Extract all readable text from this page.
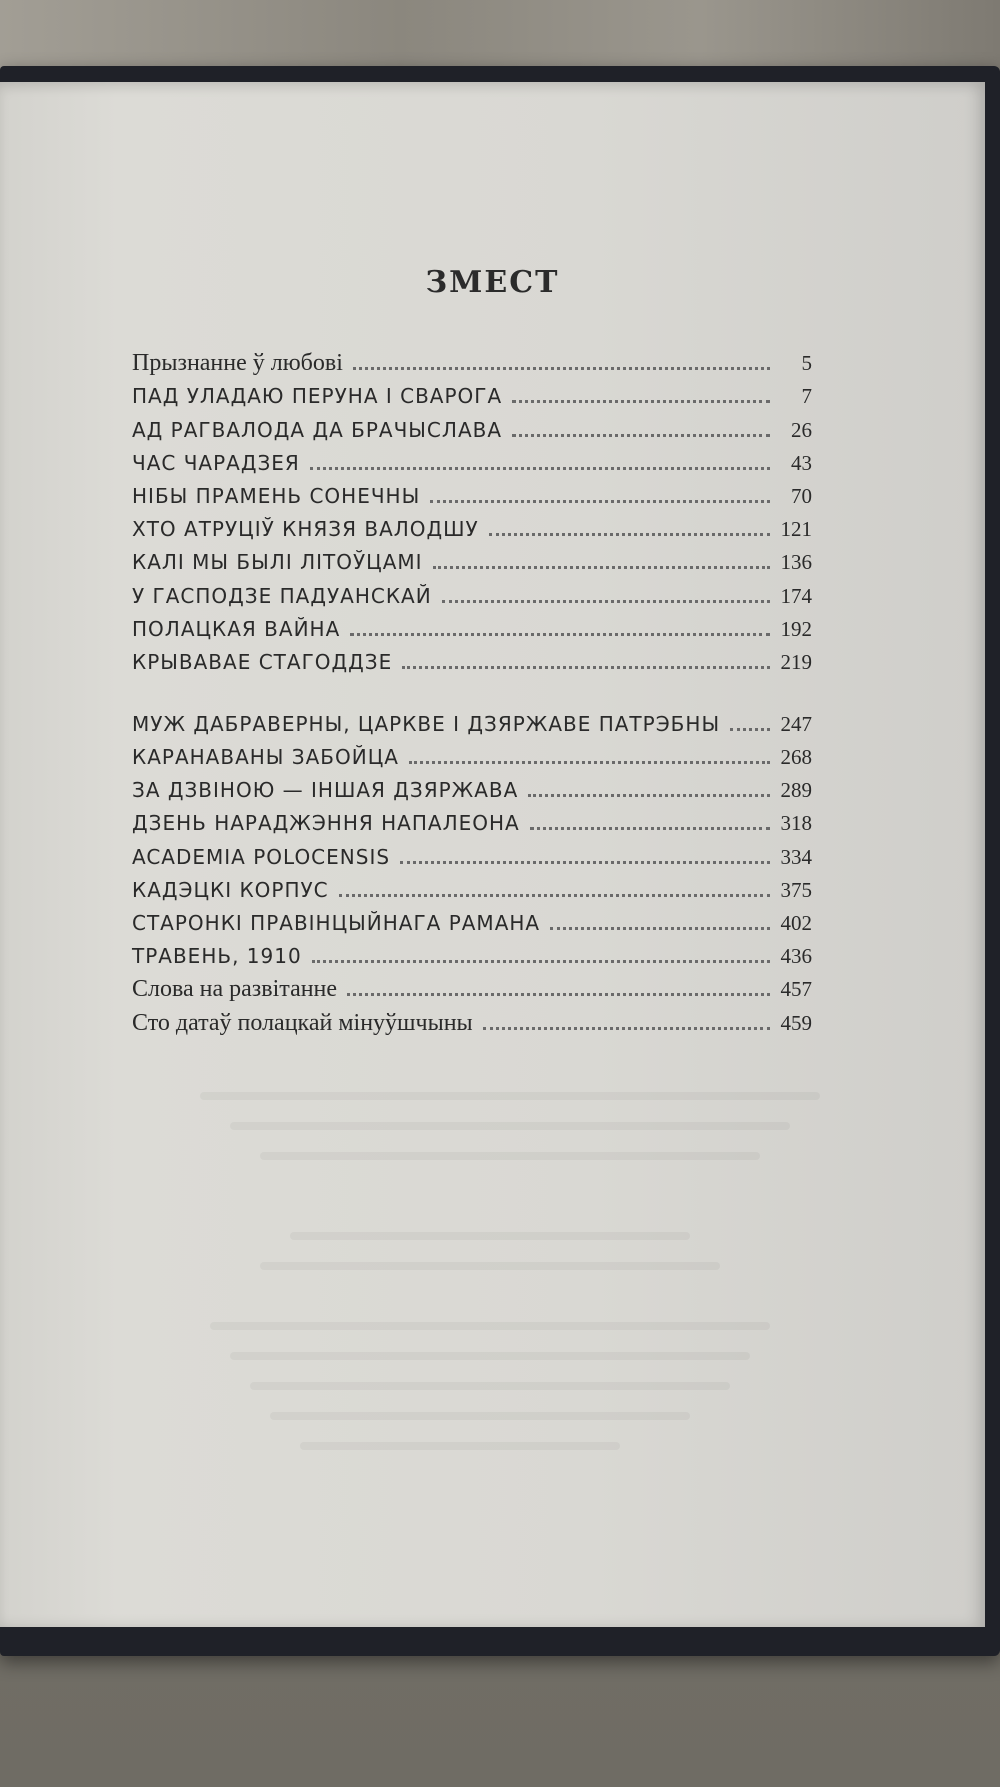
ЗМЕСТ
Прызнанне ў любові	5
ПАД УЛАДАЮ ПЕРУНА І СВАРОГА	7
АД РАГВАЛОДА ДА БРАЧЫСЛАВА	26
ЧАС ЧАРАДЗЕЯ	43
НІБЫ ПРАМЕНЬ СОНЕЧНЫ	70
ХТО АТРУЦІЎ КНЯЗЯ ВАЛОДШУ	121
КАЛІ МЫ БЫЛІ ЛІТОЎЦАМІ	136
У ГАСПОДЗЕ ПАДУАНСКАЙ	174
ПОЛАЦКАЯ ВАЙНА	192
КРЫВАВАЕ СТАГОДДЗЕ	219
МУЖ ДАБРАВЕРНЫ, ЦАРКВЕ І ДЗЯРЖАВЕ ПАТРЭБНЫ	247
КАРАНАВАНЫ ЗАБОЙЦА	268
ЗА ДЗВІНОЮ — ІНШАЯ ДЗЯРЖАВА	289
ДЗЕНЬ НАРАДЖЭННЯ НАПАЛЕОНА	318
ACADEMIA POLOCENSIS	334
КАДЭЦКІ КОРПУС	375
СТАРОНКІ ПРАВІНЦЫЙНАГА РАМАНА	402
ТРАВЕНЬ, 1910	436
Слова на развітанне	457
Сто датаў полацкай мінуўшчыны	459
